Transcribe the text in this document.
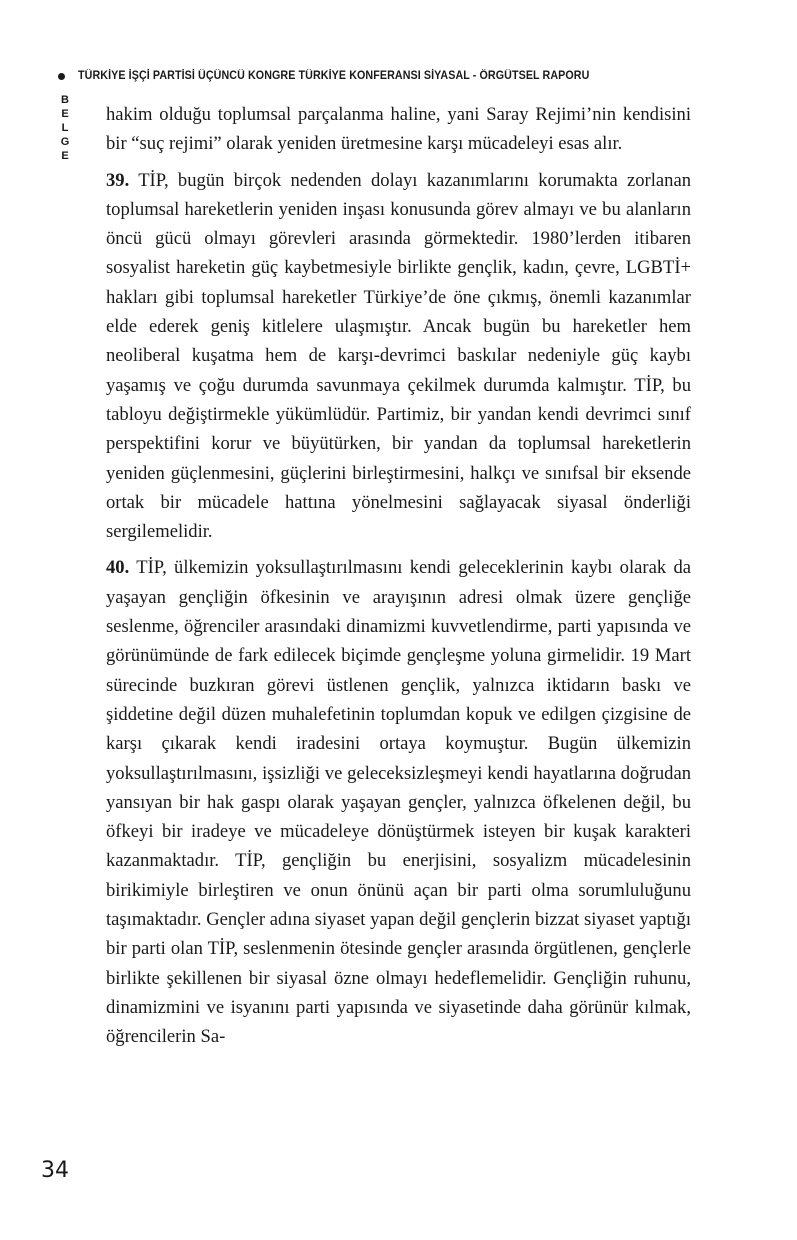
TÜRKİYE İŞÇİ PARTİSİ ÜÇÜNCÜ KONGRE TÜRKİYE KONFERANSI SİYASAL - ÖRGÜTSEL RAPORU
BELGE

hakim olduğu toplumsal parçalanma haline, yani Saray Rejimi’nin kendisini bir “suç rejimi” olarak yeniden üretmesine karşı mücadeleyi esas alır.

39. TİP, bugün birçok nedenden dolayı kazanımlarını korumakta zorlanan toplumsal hareketlerin yeniden inşası konusunda görev almayı ve bu alanların öncü gücü olmayı görevleri arasında görmektedir. 1980’lerden itibaren sosyalist hareketin güç kaybetmesiyle birlikte gençlik, kadın, çevre, LGBTİ+ hakları gibi toplumsal hareketler Türkiye’de öne çıkmış, önemli kazanımlar elde ederek geniş kitlelere ulaşmıştır. Ancak bugün bu hareketler hem neoliberal kuşatma hem de karşı-devrimci baskılar nedeniyle güç kaybı yaşamış ve çoğu durumda savunmaya çekilmek durumda kalmıştır. TİP, bu tabloyu değiştirmekle yükümlüdür. Partimiz, bir yandan kendi devrimci sınıf perspektifini korur ve büyütürken, bir yandan da toplumsal hareketlerin yeniden güçlenmesini, güçlerini birleştirmesini, halkçı ve sınıfsal bir eksende ortak bir mücadele hattına yönelmesini sağlayacak siyasal önderliği sergilemelidir.

40. TİP, ülkemizin yoksullaştırılmasını kendi geleceklerinin kaybı olarak da yaşayan gençliğin öfkesinin ve arayışının adresi olmak üzere gençliğe seslenme, öğrenciler arasındaki dinamizmi kuvvetlendirme, parti yapısında ve görünümünde de fark edilecek biçimde gençleşme yoluna girmelidir. 19 Mart sürecinde buzkıran görevi üstlenen gençlik, yalnızca iktidarın baskı ve şiddetine değil düzen muhalefetinin toplumdan kopuk ve edilgen çizgisine de karşı çıkarak kendi iradesini ortaya koymuştur. Bugün ülkemizin yoksullaştırılmasını, işsizliği ve geleceksizleşmeyi kendi hayatlarına doğrudan yansıyan bir hak gaspı olarak yaşayan gençler, yalnızca öfkelenen değil, bu öfkeyi bir iradeye ve mücadeleye dönüştürmek isteyen bir kuşak karakteri kazanmaktadır. TİP, gençliğin bu enerjisini, sosyalizm mücadelesinin birikimiyle birleştiren ve onun önünü açan bir parti olma sorumluluğunu taşımaktadır. Gençler adına siyaset yapan değil gençlerin bizzat siyaset yaptığı bir parti olan TİP, seslenmenin ötesinde gençler arasında örgütlenen, gençlerle birlikte şekillenen bir siyasal özne olmayı hedeflemelidir. Gençliğin ruhunu, dinamizmini ve isyanını parti yapısında ve siyasetinde daha görünür kılmak, öğrencilerin Sa-

34
